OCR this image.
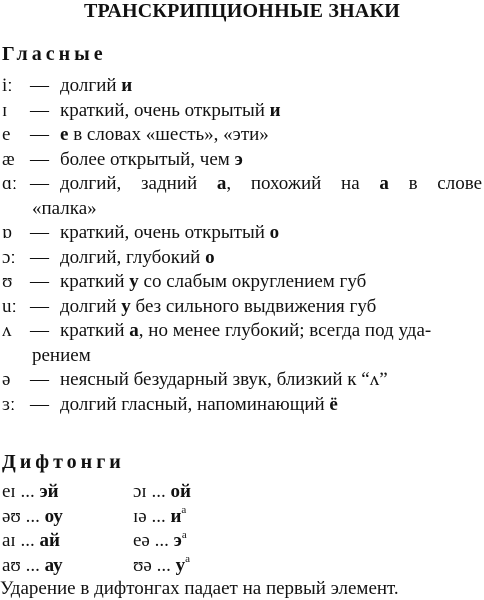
ТРАНСКРИПЦИОННЫЕ ЗНАКИ
Гласные
iː — долгий и
ɪ	— краткий, очень открытый и
e	— е в словах «шесть», «эти»
æ — более открытый, чем э
ɑː — долгий, задний а, похожий на а в слове
«палка»
ɒ — краткий, очень открытый о
ɔː — долгий, глубокий о
ʊ — краткий у со слабым округлением губ
uː — долгий у без сильного выдвижения губ
ʌ — краткий а, но менее глубокий; всегда под уда-
рением
ə	— неясный безударный звук, близкий к “ʌ”
ɜː — долгий гласный, напоминающий ё
Дифтонги
eɪ ... эй	ɔɪ ... ой
əʊ ... оу	ɪə ... $и^а$
aɪ ... ай	eə ... $э^а$
aʊ ... ау	ʊə ... $у^а$
Ударение в дифтонгах падает на первый элемент.
